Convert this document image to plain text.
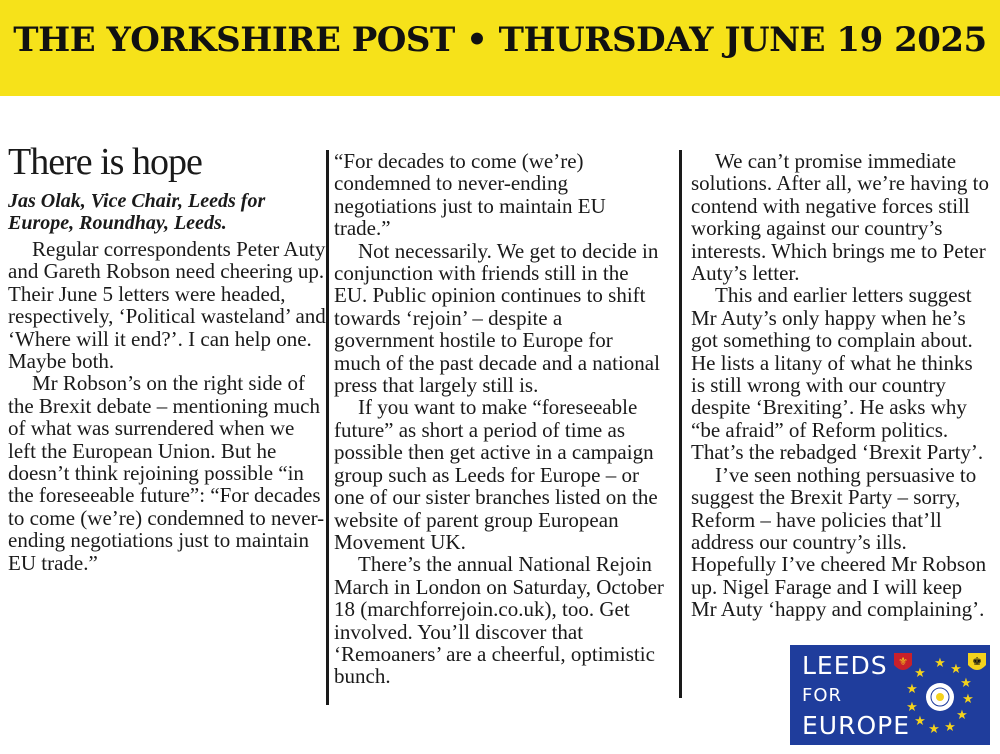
THE YORKSHIRE POST • THURSDAY JUNE 19 2025
There is hope
Jas Olak, Vice Chair, Leeds for Europe, Roundhay, Leeds.

Regular correspondents Peter Auty and Gareth Robson need cheering up. Their June 5 letters were headed, respectively, ‘Political wasteland’ and ‘Where will it end?’. I can help one. Maybe both.

Mr Robson’s on the right side of the Brexit debate – mentioning much of what was surrendered when we left the European Union. But he doesn’t think rejoining possible “in the foreseeable future”: “For decades to come (we’re) condemned to never-ending negotiations just to maintain EU trade.”

“For decades to come (we’re) condemned to never-ending negotiations just to maintain EU trade.”

Not necessarily. We get to decide in conjunction with friends still in the EU. Public opinion continues to shift towards ‘rejoin’ – despite a government hostile to Europe for much of the past decade and a national press that largely still is.

If you want to make “foreseeable future” as short a period of time as possible then get active in a campaign group such as Leeds for Europe – or one of our sister branches listed on the website of parent group European Movement UK.

There’s the annual National Rejoin March in London on Saturday, October 18 (marchforrejoin.co.uk), too. Get involved. You’ll discover that ‘Remoaners’ are a cheerful, optimistic bunch.

We can’t promise immediate solutions. After all, we’re having to contend with negative forces still working against our country’s interests. Which brings me to Peter Auty’s letter.

This and earlier letters suggest Mr Auty’s only happy when he’s got something to complain about. He lists a litany of what he thinks is still wrong with our country despite ‘Brexiting’. He asks why “be afraid” of Reform politics. That’s the rebadged ‘Brexit Party’.

I’ve seen nothing persuasive to suggest the Brexit Party – sorry, Reform – have policies that’ll address our country’s ills. Hopefully I’ve cheered Mr Robson up. Nigel Farage and I will keep Mr Auty ‘happy and complaining’.

★ ★
★
★
★
★
★
★
★
★
★
⚜	♚
LEEDS
FOR
EUROPE
